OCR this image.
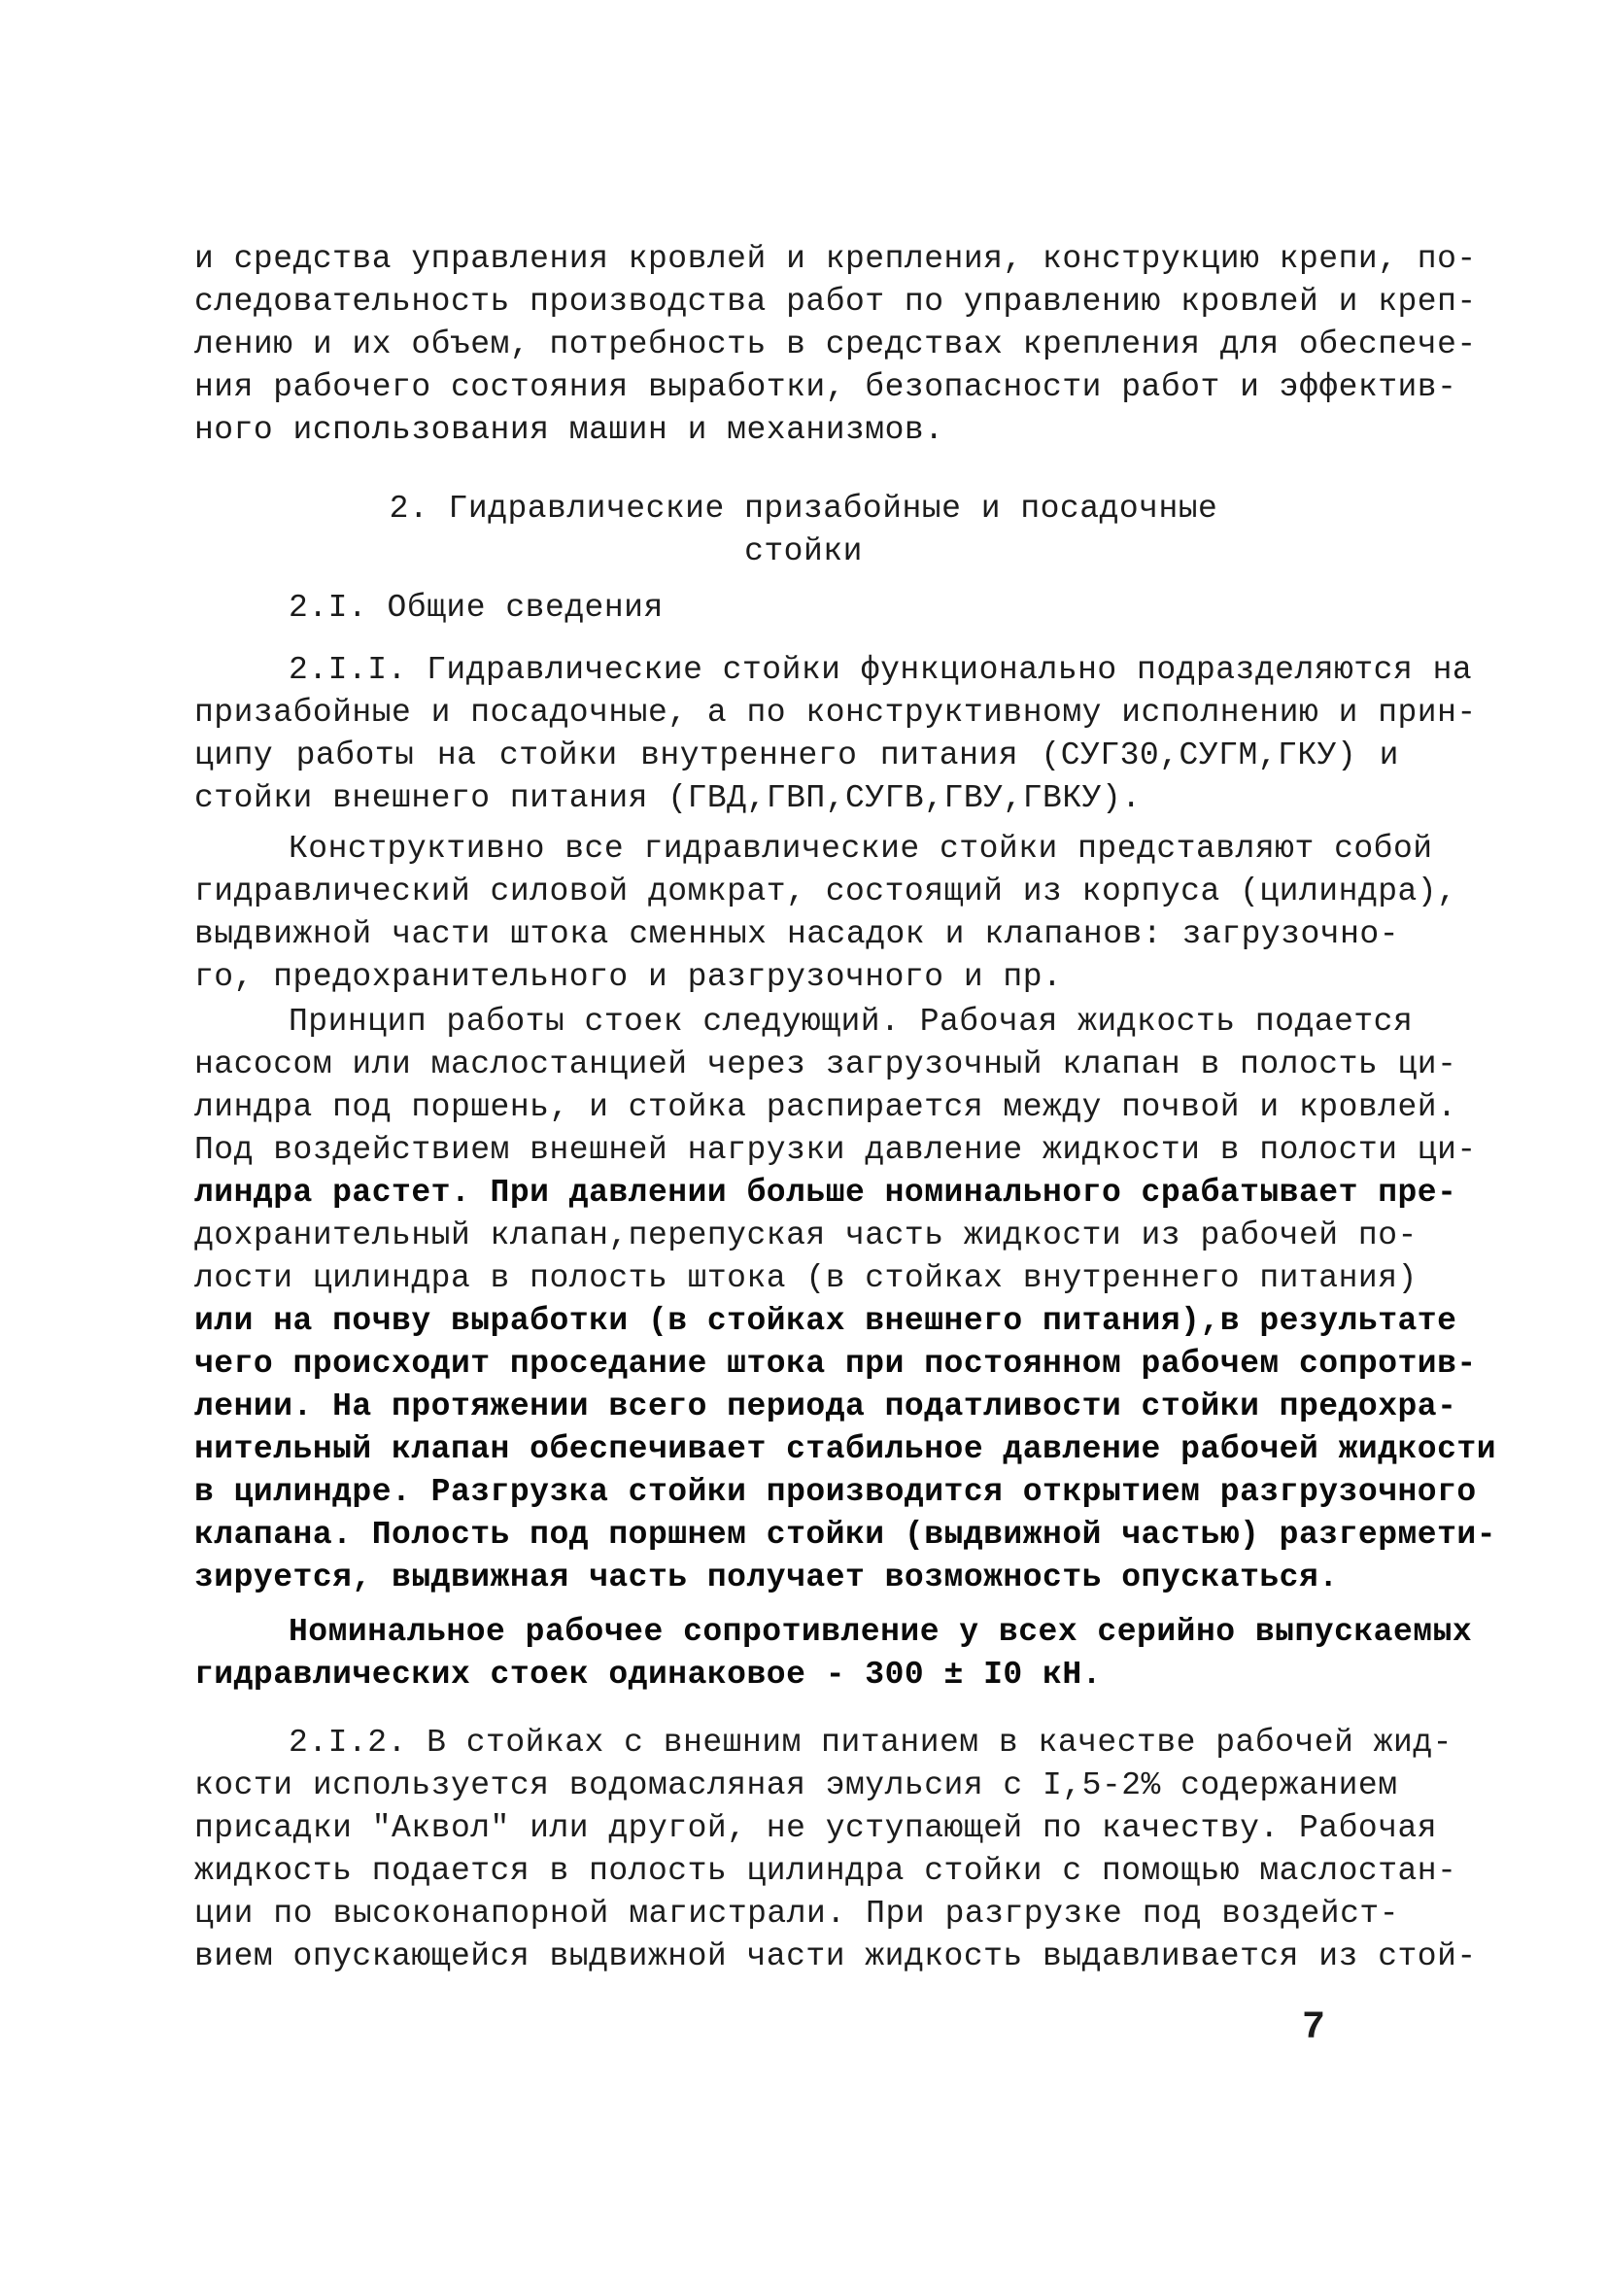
и средства управления кровлей и крепления, конструкцию крепи, по-
следовательность производства работ по управлению кровлей и креп-
лению и их объем, потребность в средствах крепления для обеспече-
ния рабочего состояния выработки, безопасности работ и эффектив-
ного использования машин и механизмов.
2. Гидравлические призабойные и посадочные
стойки
2.I. Общие сведения
2.I.I. Гидравлические стойки функционально подразделяются на
призабойные и посадочные, а по конструктивному исполнению и прин-
ципу работы на стойки внутреннего питания (СУГ30,СУГМ,ГКУ) и
стойки внешнего питания (ГВД,ГВП,СУГВ,ГВУ,ГВКУ).
Конструктивно все гидравлические стойки представляют собой
гидравлический силовой домкрат, состоящий из корпуса (цилиндра),
выдвижной части штока сменных насадок и клапанов: загрузочно-
го, предохранительного и разгрузочного и пр.
Принцип работы стоек следующий. Рабочая жидкость подается
насосом или маслостанцией через загрузочный клапан в полость ци-
линдра под поршень, и стойка распирается между почвой и кровлей.
Под воздействием внешней нагрузки давление жидкости в полости ци-
линдра растет. При давлении больше номинального срабатывает пре-
дохранительный клапан,перепуская часть жидкости из рабочей по-
лости цилиндра в полость штока (в стойках внутреннего питания)
или на почву выработки (в стойках внешнего питания),в результате
чего происходит проседание штока при постоянном рабочем сопротив-
лении. На протяжении всего периода податливости стойки предохра-
нительный клапан обеспечивает стабильное давление рабочей жидкости
в цилиндре. Разгрузка стойки производится открытием разгрузочного
клапана. Полость под поршнем стойки (выдвижной частью) разгермети-
зируется, выдвижная часть получает возможность опускаться.
Номинальное рабочее сопротивление у всех серийно выпускаемых
гидравлических стоек одинаковое - 300 ± I0 кН.
2.I.2. В стойках с внешним питанием в качестве рабочей жид-
кости используется водомасляная эмульсия с I,5-2% содержанием
присадки "Аквол" или другой, не уступающей по качеству. Рабочая
жидкость подается в полость цилиндра стойки с помощью маслостан-
ции по высоконапорной магистрали. При разгрузке под воздейст-
вием опускающейся выдвижной части жидкость выдавливается из стой-
7
